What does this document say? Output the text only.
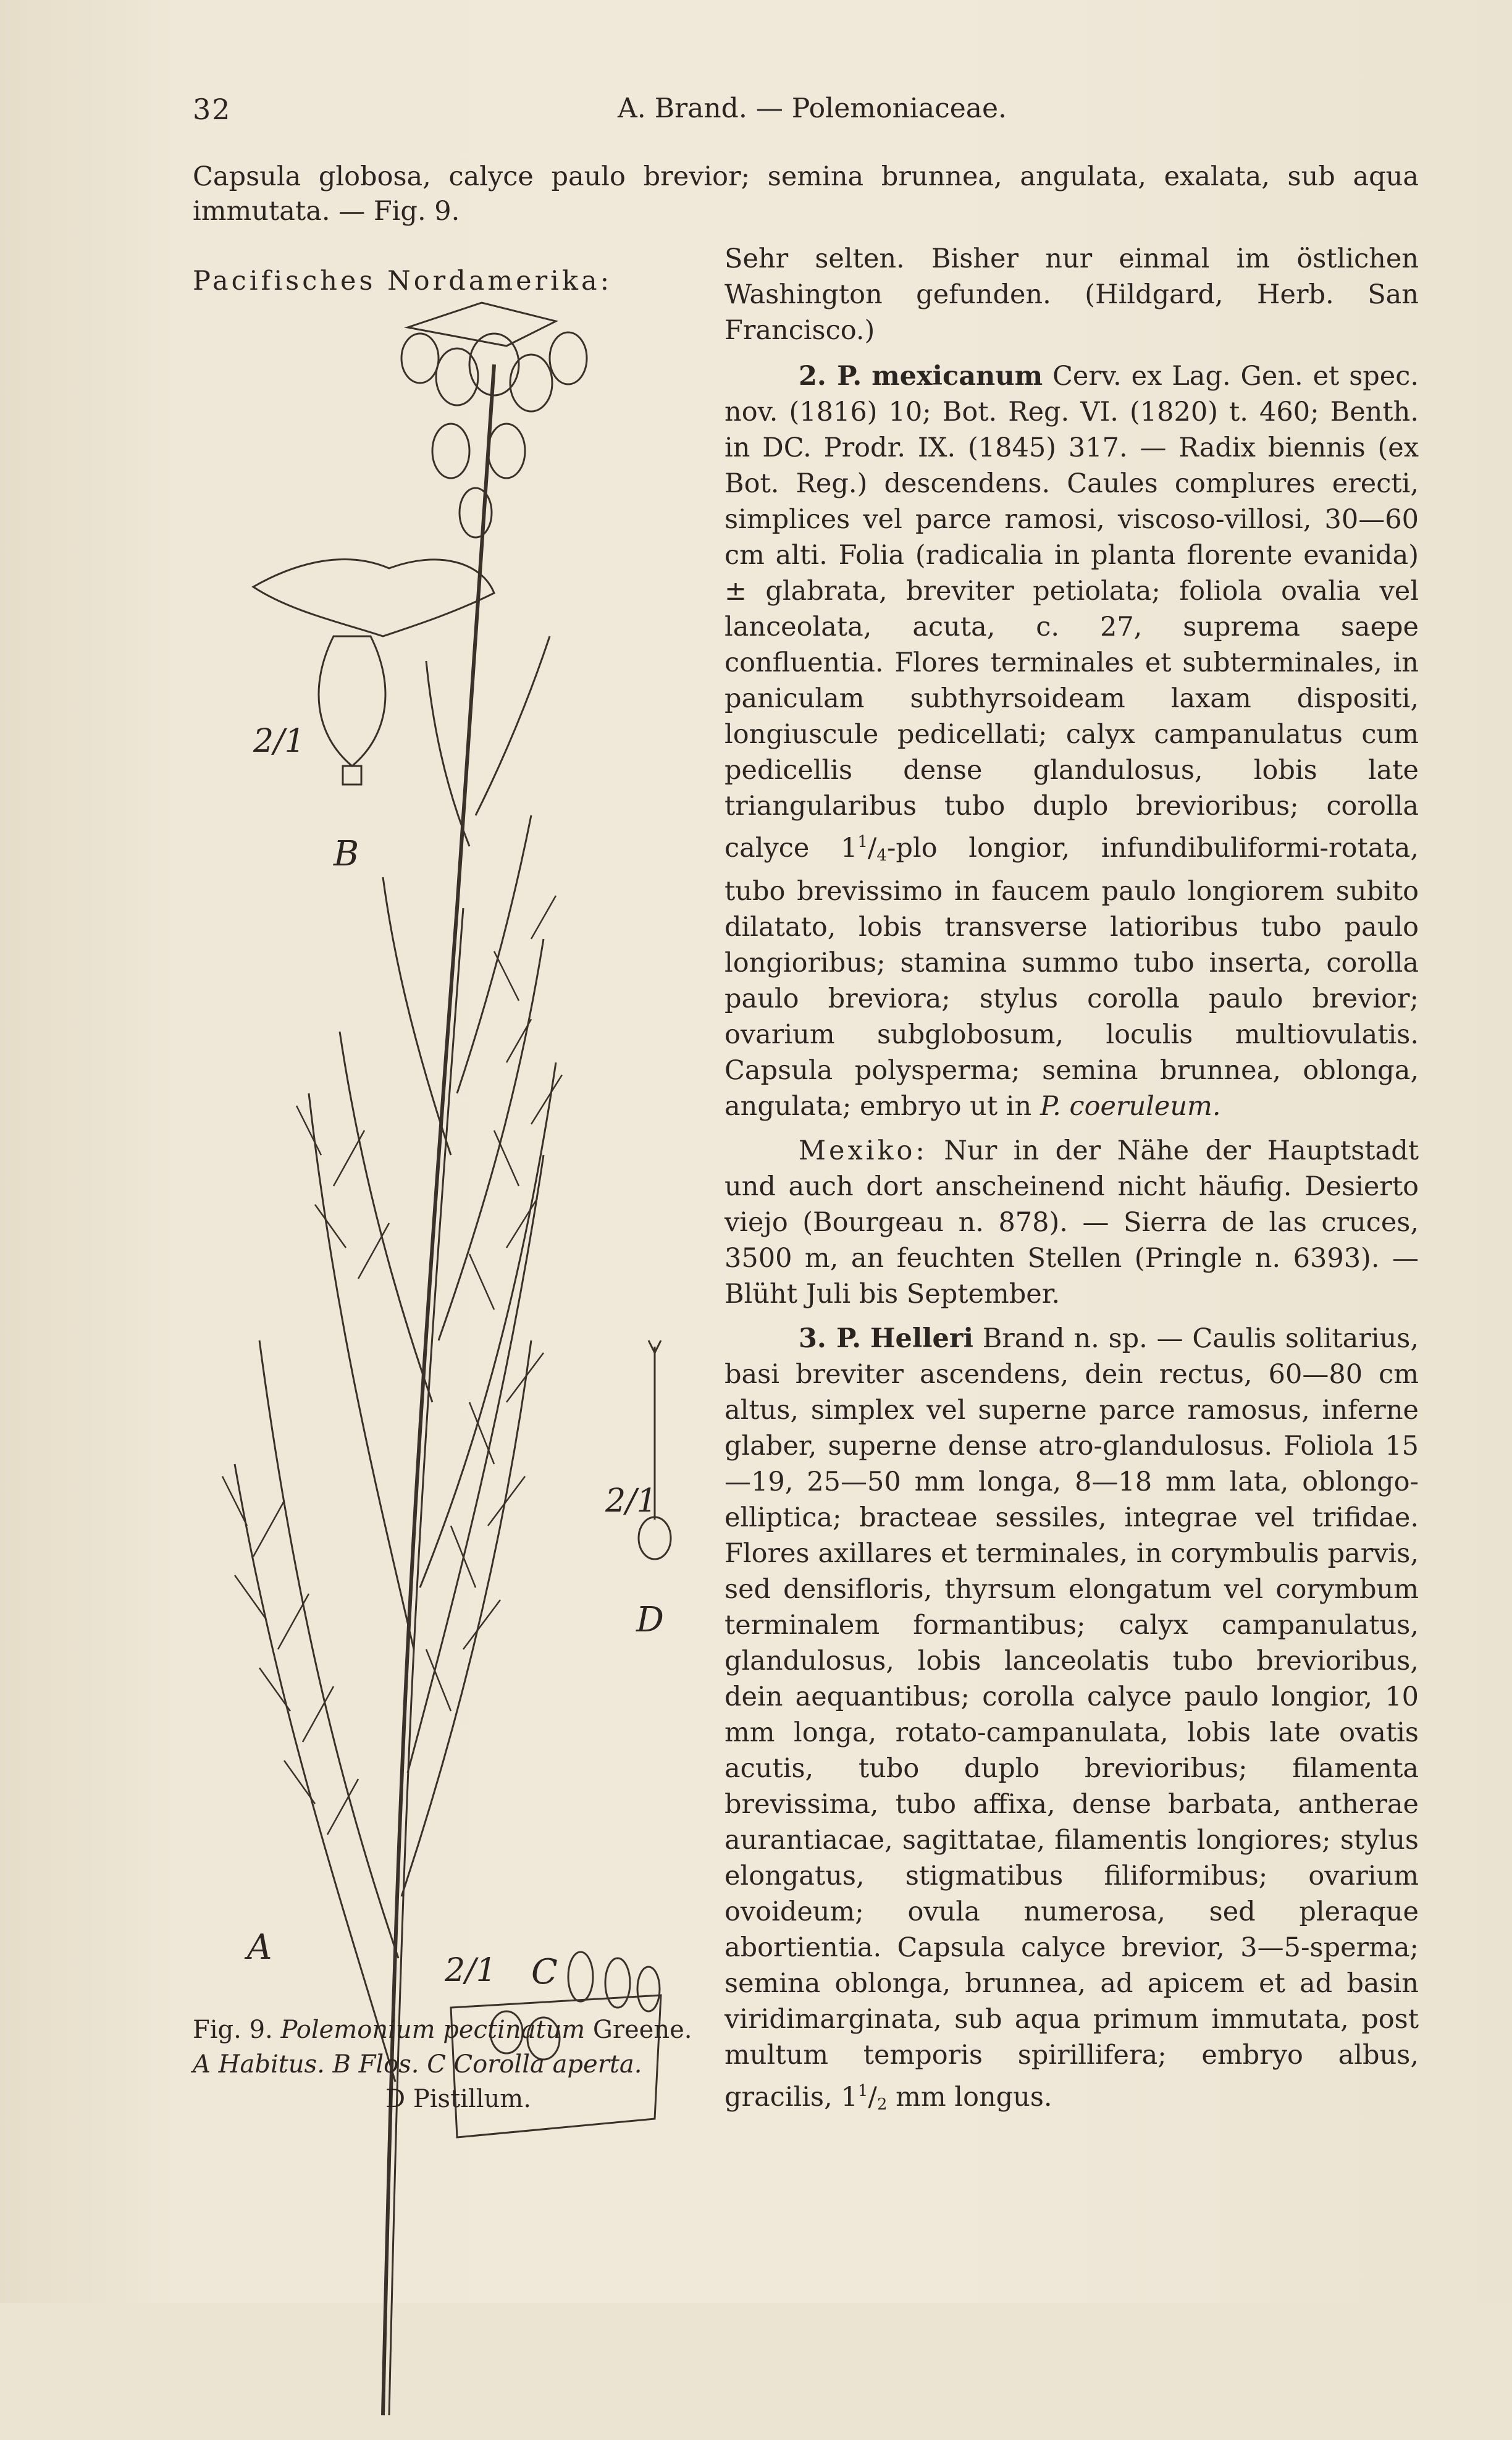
32	A. Brand. — Polemoniaceae.
Capsula globosa, calyce paulo brevior; semina brunnea, angulata, exalata, sub aqua
immutata. — Fig. 9.
Pacifisches Nordamerika:

Sehr selten. Bisher nur einmal im östlichen Washington gefunden. (Hildgard, Herb. San Francisco.)

2. P. mexicanum Cerv. ex Lag. Gen. et spec. nov. (1816) 10; Bot. Reg. VI. (1820) t. 460; Benth. in DC. Prodr. IX. (1845) 317. — Radix biennis (ex Bot. Reg.) descendens. Caules complures erecti, simplices vel parce ramosi, viscoso-villosi, 30—60 cm alti. Folia (radicalia in planta florente evanida) ± glabrata, breviter petiolata; foliola ovalia vel lanceolata, acuta, c. 27, suprema saepe confluentia. Flores terminales et subterminales, in paniculam subthyrsoideam laxam dispositi, longiuscule pedicellati; calyx campanulatus cum pedicellis dense glandulosus, lobis late triangularibus tubo duplo brevioribus; corolla calyce $1^1/_4$-plo longior, infundibuliformi-rotata, tubo brevissimo in faucem paulo longiorem subito dilatato, lobis transverse latioribus tubo paulo longioribus; stamina summo tubo inserta, corolla paulo breviora; stylus corolla paulo brevior; ovarium subglobosum, loculis multiovulatis. Capsula polysperma; semina brunnea, oblonga, angulata; embryo ut in P. coeruleum.

Mexiko: Nur in der Nähe der Hauptstadt und auch dort anscheinend nicht häufig. Desierto viejo (Bourgeau n. 878). — Sierra de las cruces, 3500 m, an feuchten Stellen (Pringle n. 6393). — Blüht Juli bis September.

3. P. Helleri Brand n. sp. — Caulis solitarius, basi breviter ascendens, dein rectus, 60—80 cm altus, simplex vel superne parce ramosus, inferne glaber, superne dense atro-glandulosus. Foliola 15—19, 25—50 mm longa, 8—18 mm lata, oblongo-elliptica; bracteae sessiles, integrae vel trifidae. Flores axillares et terminales, in corymbulis parvis, sed densifloris, thyrsum elongatum vel corymbum terminalem formantibus; calyx campanulatus, glandulosus, lobis lanceolatis tubo brevioribus, dein aequantibus; corolla calyce paulo longior, 10 mm longa, rotato-campanulata, lobis late ovatis acutis, tubo duplo brevioribus; filamenta brevissima, tubo affixa, dense barbata, antherae aurantiacae, sagittatae, filamentis longiores; stylus elongatus, stigmatibus filiformibus; ovarium ovoideum; ovula numerosa, sed pleraque abortientia. Capsula calyce brevior, 3—5-sperma; semina oblonga, brunnea, ad apicem et ad basin viridimarginata, sub aqua primum immutata, post multum temporis spirillifera; embryo albus, gracilis, $1^1/_2$ mm longus.

B
2/1
D
2/1
A
2/1 C
Fig. 9. Polemonium pectinatum Greene.
A Habitus. B Flos. C Corolla aperta.
D Pistillum.
